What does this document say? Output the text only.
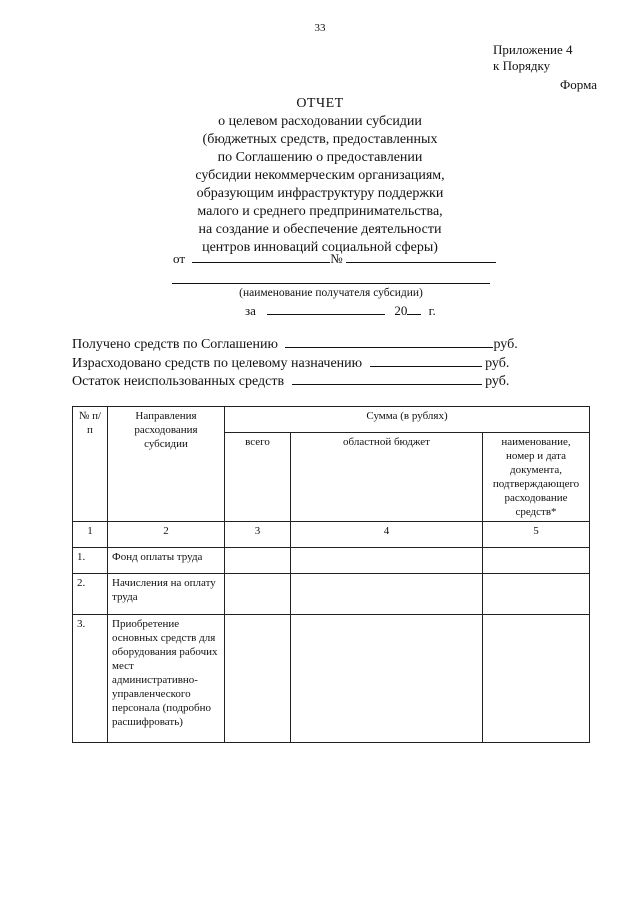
33
Приложение 4
к Порядку
Форма
ОТЧЕТ
о целевом расходовании субсидии
(бюджетных средств, предоставленных
по Соглашению о предоставлении
субсидии некоммерческим организациям,
образующим инфраструктуру поддержки
малого и среднего предпринимательства,
на создание и обеспечение деятельности
центров инноваций социальной сферы)
от	№
(наименование получателя субсидии)
за	20 г.
Получено средств по Соглашению	руб.
Израсходовано средств по целевому назначению	руб.
Остаток неиспользованных средств	руб.
№ п/п	Направления расходования субсидии	Сумма (в рублях)		
		всего	областной бюджет	наименование, номер и дата документа, подтверждающего расходование средств*
1	2	3	4	5
1.	Фонд оплаты труда			
2.	Начисления на оплату труда			
3.	Приобретение основных средств для оборудования рабочих мест административно-управленческого персонала (подробно расшифровать)			
